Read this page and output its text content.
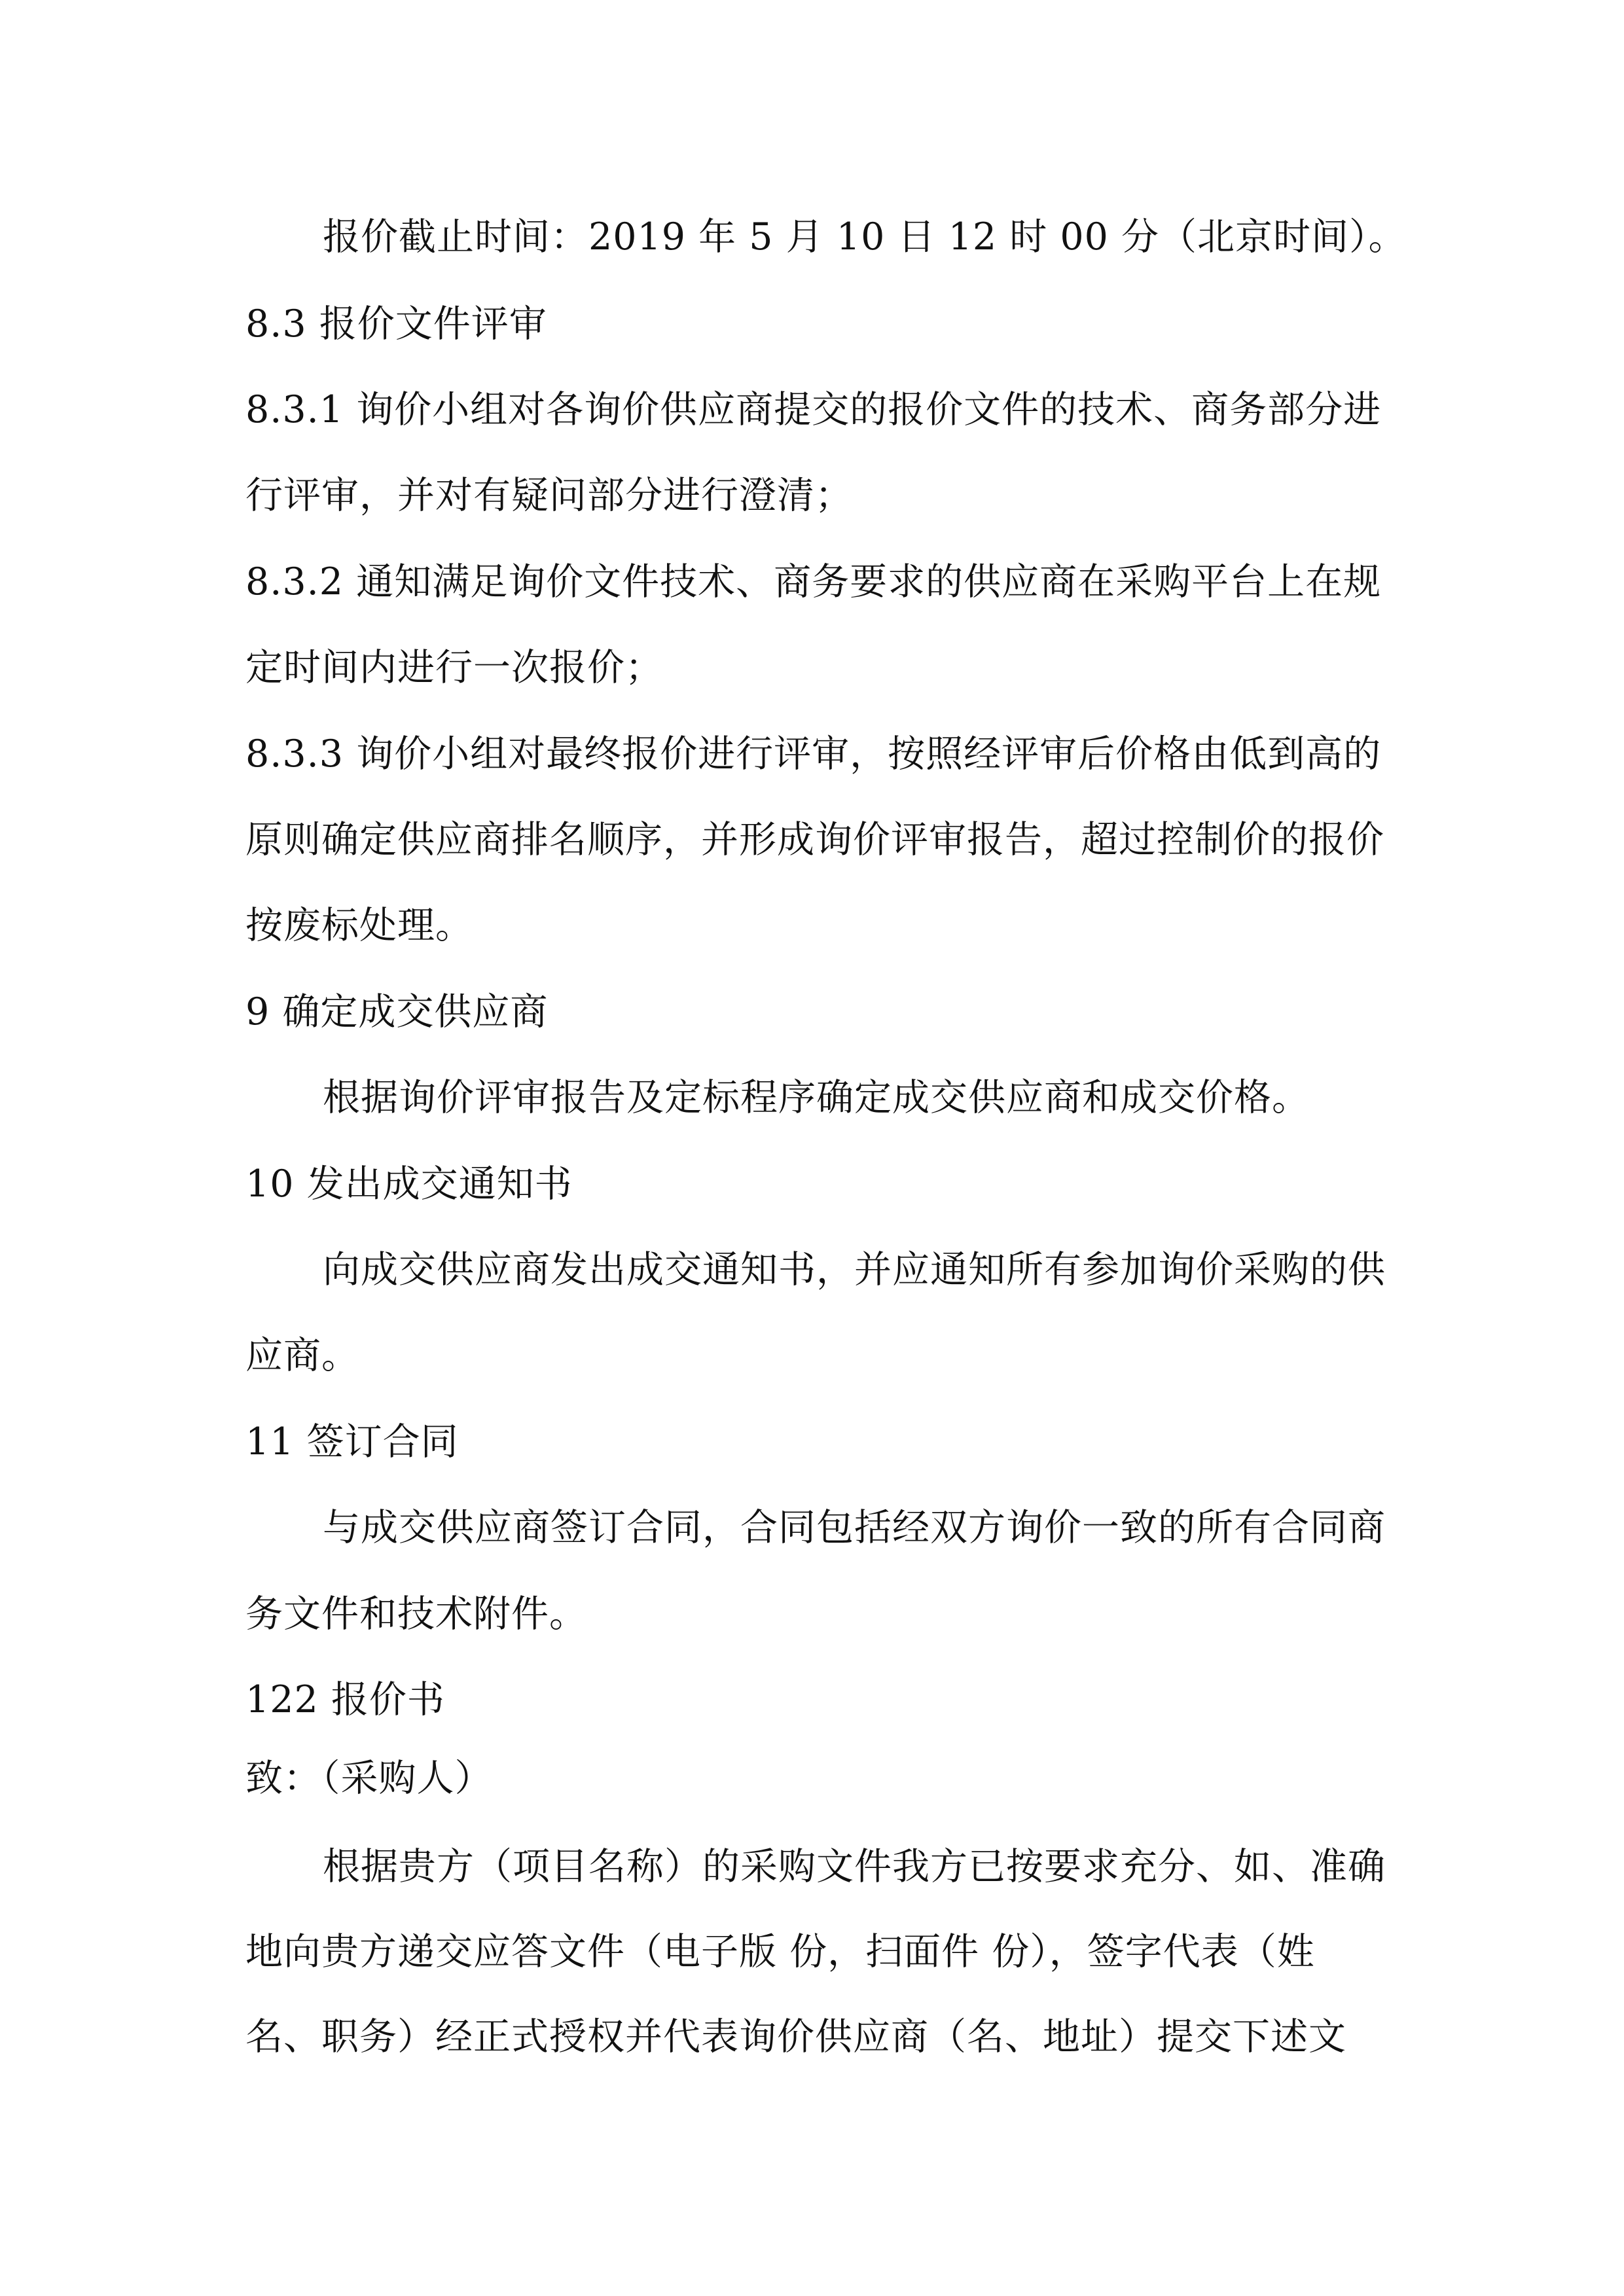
报价截止时间：2019 年 5 月 10 日 12 时 00 分（北京时间）。
8.3 报价文件评审
8.3.1 询价小组对各询价供应商提交的报价文件的技术、商务部分进
行评审，并对有疑问部分进行澄清；
8.3.2 通知满足询价文件技术、商务要求的供应商在采购平台上在规
定时间内进行一次报价；
8.3.3 询价小组对最终报价进行评审，按照经评审后价格由低到高的
原则确定供应商排名顺序，并形成询价评审报告，超过控制价的报价
按废标处理。
9 确定成交供应商
根据询价评审报告及定标程序确定成交供应商和成交价格。
10 发出成交通知书
向成交供应商发出成交通知书，并应通知所有参加询价采购的供
应商。
11 签订合同
与成交供应商签订合同，合同包括经双方询价一致的所有合同商
务文件和技术附件。
122 报价书
致：（采购人）
根据贵方（项目名称）的采购文件我方已按要求充分、如、准确
地向贵方递交应答文件（电子版 份，扫面件 份），签字代表（姓
名、职务）经正式授权并代表询价供应商（名、地址）提交下述文
